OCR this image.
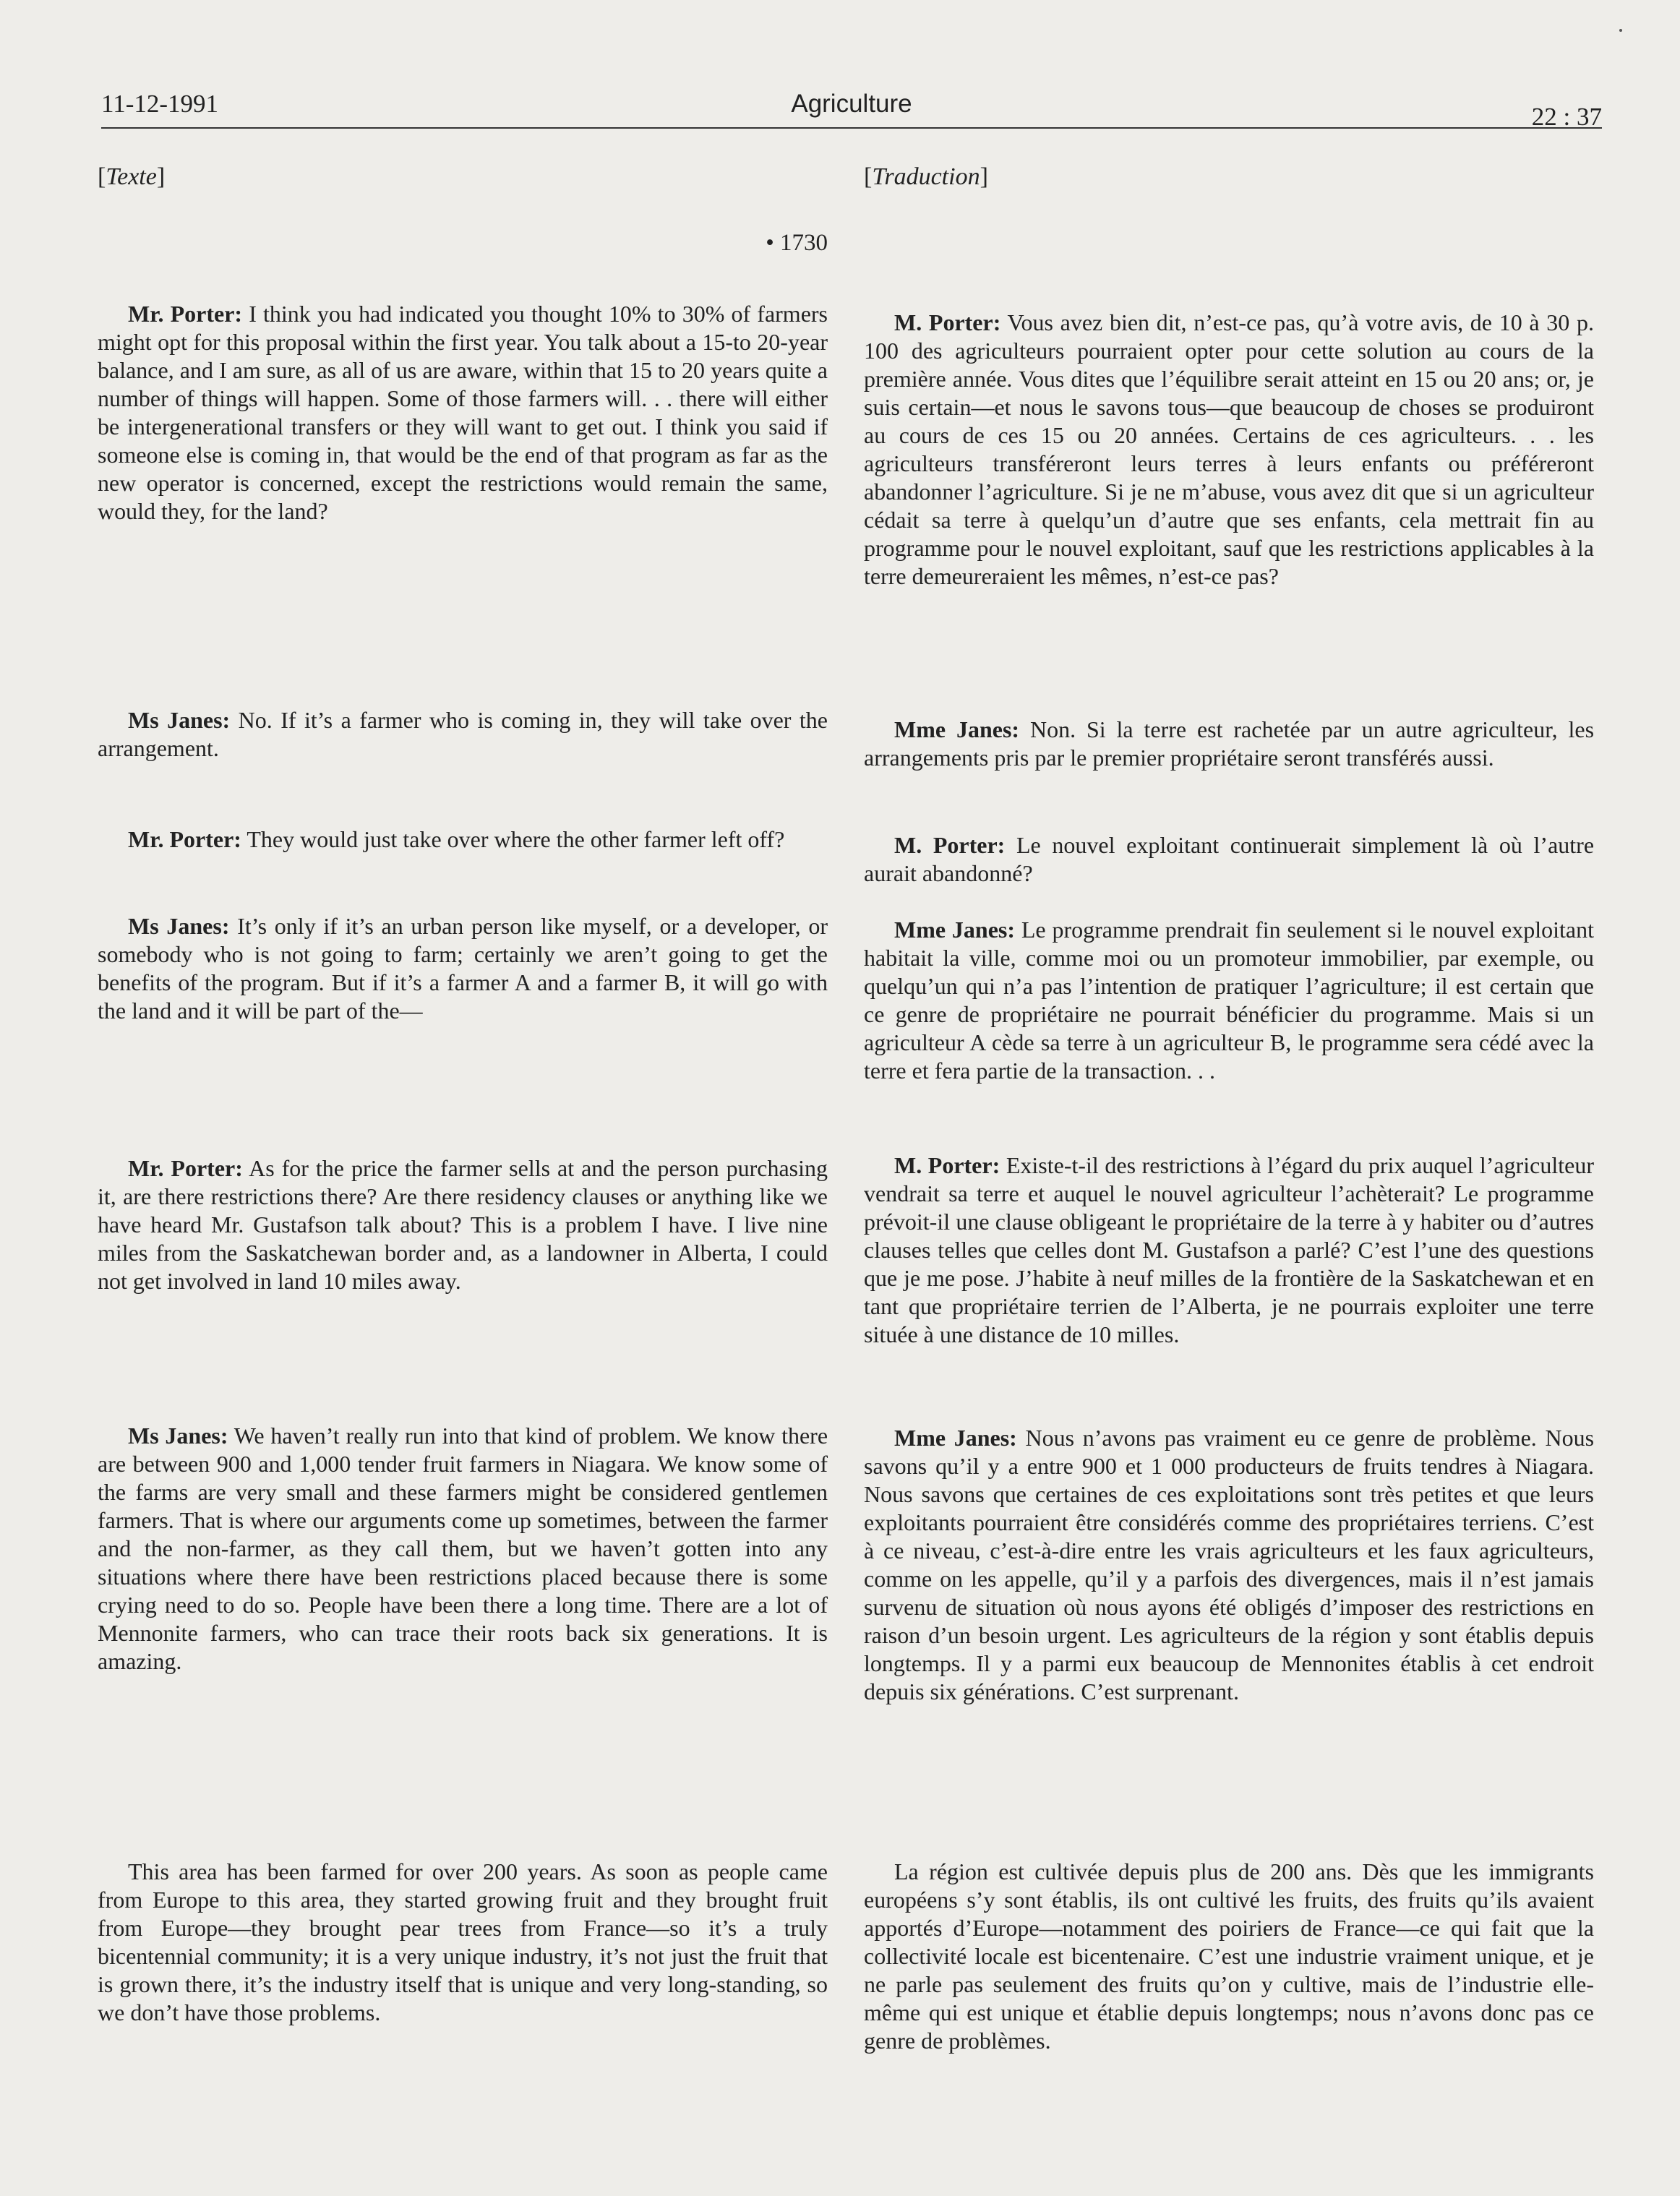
11-12-1991	Agriculture	22 : 37
[Texte]
• 1730

Mr. Porter: I think you had indicated you thought 10% to 30% of farmers might opt for this proposal within the first year. You talk about a 15-to 20-year balance, and I am sure, as all of us are aware, within that 15 to 20 years quite a number of things will happen. Some of those farmers will. . . there will either be intergenerational transfers or they will want to get out. I think you said if someone else is coming in, that would be the end of that program as far as the new operator is concerned, except the restrictions would remain the same, would they, for the land?

Ms Janes: No. If it’s a farmer who is coming in, they will take over the arrangement.

Mr. Porter: They would just take over where the other farmer left off?

Ms Janes: It’s only if it’s an urban person like myself, or a developer, or somebody who is not going to farm; certainly we aren’t going to get the benefits of the program. But if it’s a farmer A and a farmer B, it will go with the land and it will be part of the—

Mr. Porter: As for the price the farmer sells at and the person purchasing it, are there restrictions there? Are there residency clauses or anything like we have heard Mr. Gustafson talk about? This is a problem I have. I live nine miles from the Saskatchewan border and, as a landowner in Alberta, I could not get involved in land 10 miles away.

Ms Janes: We haven’t really run into that kind of problem. We know there are between 900 and 1,000 tender fruit farmers in Niagara. We know some of the farms are very small and these farmers might be considered gentlemen farmers. That is where our arguments come up sometimes, between the farmer and the non-farmer, as they call them, but we haven’t gotten into any situations where there have been restrictions placed because there is some crying need to do so. People have been there a long time. There are a lot of Mennonite farmers, who can trace their roots back six generations. It is amazing.

This area has been farmed for over 200 years. As soon as people came from Europe to this area, they started growing fruit and they brought fruit from Europe—they brought pear trees from France—so it’s a truly bicentennial community; it is a very unique industry, it’s not just the fruit that is grown there, it’s the industry itself that is unique and very long-standing, so we don’t have those problems.

[Traduction]

M. Porter: Vous avez bien dit, n’est-ce pas, qu’à votre avis, de 10 à 30 p. 100 des agriculteurs pourraient opter pour cette solution au cours de la première année. Vous dites que l’équilibre serait atteint en 15 ou 20 ans; or, je suis certain—et nous le savons tous—que beaucoup de choses se produiront au cours de ces 15 ou 20 années. Certains de ces agriculteurs. . . les agriculteurs transféreront leurs terres à leurs enfants ou préféreront abandonner l’agriculture. Si je ne m’abuse, vous avez dit que si un agriculteur cédait sa terre à quelqu’un d’autre que ses enfants, cela mettrait fin au programme pour le nouvel exploitant, sauf que les restrictions applicables à la terre demeureraient les mêmes, n’est-ce pas?

Mme Janes: Non. Si la terre est rachetée par un autre agriculteur, les arrangements pris par le premier propriétaire seront transférés aussi.

M. Porter: Le nouvel exploitant continuerait simplement là où l’autre aurait abandonné?

Mme Janes: Le programme prendrait fin seulement si le nouvel exploitant habitait la ville, comme moi ou un promoteur immobilier, par exemple, ou quelqu’un qui n’a pas l’intention de pratiquer l’agriculture; il est certain que ce genre de propriétaire ne pourrait bénéficier du programme. Mais si un agriculteur A cède sa terre à un agriculteur B, le programme sera cédé avec la terre et fera partie de la transaction. . .

M. Porter: Existe-t-il des restrictions à l’égard du prix auquel l’agriculteur vendrait sa terre et auquel le nouvel agriculteur l’achèterait? Le programme prévoit-il une clause obligeant le propriétaire de la terre à y habiter ou d’autres clauses telles que celles dont M. Gustafson a parlé? C’est l’une des questions que je me pose. J’habite à neuf milles de la frontière de la Saskatchewan et en tant que propriétaire terrien de l’Alberta, je ne pourrais exploiter une terre située à une distance de 10 milles.

Mme Janes: Nous n’avons pas vraiment eu ce genre de problème. Nous savons qu’il y a entre 900 et 1 000 producteurs de fruits tendres à Niagara. Nous savons que certaines de ces exploitations sont très petites et que leurs exploitants pourraient être considérés comme des propriétaires terriens. C’est à ce niveau, c’est-à-dire entre les vrais agriculteurs et les faux agriculteurs, comme on les appelle, qu’il y a parfois des divergences, mais il n’est jamais survenu de situation où nous ayons été obligés d’imposer des restrictions en raison d’un besoin urgent. Les agriculteurs de la région y sont établis depuis longtemps. Il y a parmi eux beaucoup de Mennonites établis à cet endroit depuis six générations. C’est surprenant.

La région est cultivée depuis plus de 200 ans. Dès que les immigrants européens s’y sont établis, ils ont cultivé les fruits, des fruits qu’ils avaient apportés d’Europe—notamment des poiriers de France—ce qui fait que la collectivité locale est bicentenaire. C’est une industrie vraiment unique, et je ne parle pas seulement des fruits qu’on y cultive, mais de l’industrie elle-même qui est unique et établie depuis longtemps; nous n’avons donc pas ce genre de problèmes.
